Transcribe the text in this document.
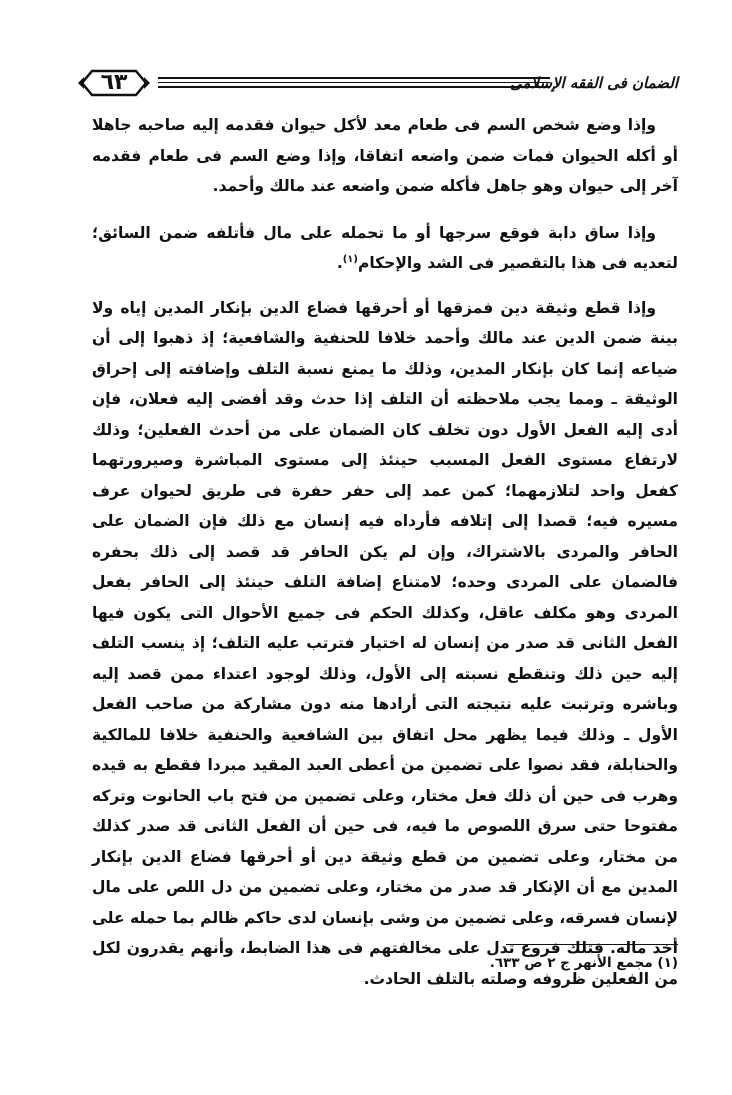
٦٣	الضمان فى الفقه الإسلامى

وإذا وضع شخص السم فى طعام معد لأكل حيوان فقدمه إليه صاحبه جاهلا أو أكله الحيوان فمات ضمن واضعه اتفاقا، وإذا وضع السم فى طعام فقدمه آخر إلى حيوان وهو جاهل فأكله ضمن واضعه عند مالك وأحمد.

وإذا ساق دابة فوقع سرجها أو ما تحمله على مال فأتلفه ضمن السائق؛ لتعديه فى هذا بالتقصير فى الشد والإحكام$^{(١)}$.

وإذا قطع وثيقة دين فمزقها أو أحرقها فضاع الدين بإنكار المدين إياه ولا بينة ضمن الدين عند مالك وأحمد خلافا للحنفية والشافعية؛ إذ ذهبوا إلى أن ضياعه إنما كان بإنكار المدين، وذلك ما يمنع نسبة التلف وإضافته إلى إحراق الوثيقة ـ ومما يجب ملاحظته أن التلف إذا حدث وقد أفضى إليه فعلان، فإن أدى إليه الفعل الأول دون تخلف كان الضمان على من أحدث الفعلين؛ وذلك لارتفاع مستوى الفعل المسبب حينئذ إلى مستوى المباشرة وصيرورتهما كفعل واحد لتلازمهما؛ كمن عمد إلى حفر حفرة فى طريق لحيوان عرف مسيره فيه؛ قصدا إلى إتلافه فأرداه فيه إنسان مع ذلك فإن الضمان على الحافر والمردى بالاشتراك، وإن لم يكن الحافر قد قصد إلى ذلك بحفره فالضمان على المردى وحده؛ لامتناع إضافة التلف حينئذ إلى الحافر بفعل المردى وهو مكلف عاقل، وكذلك الحكم فى جميع الأحوال التى يكون فيها الفعل الثانى قد صدر من إنسان له اختيار فترتب عليه التلف؛ إذ ينسب التلف إليه حين ذلك وتنقطع نسبته إلى الأول، وذلك لوجود اعتداء ممن قصد إليه وباشره وترتبت عليه نتيجته التى أرادها منه دون مشاركة من صاحب الفعل الأول ـ وذلك فيما يظهر محل اتفاق بين الشافعية والحنفية خلافا للمالكية والحنابلة، فقد نصوا على تضمين من أعطى العبد المقيد مبردا فقطع به قيده وهرب فى حين أن ذلك فعل مختار، وعلى تضمين من فتح باب الحانوت وتركه مفتوحا حتى سرق اللصوص ما فيه، فى حين أن الفعل الثانى قد صدر كذلك من مختار، وعلى تضمين من قطع وثيقة دين أو أحرقها فضاع الدين بإنكار المدين مع أن الإنكار قد صدر من مختار، وعلى تضمين من دل اللص على مال لإنسان فسرقه، وعلى تضمين من وشى بإنسان لدى حاكم ظالم بما حمله على أخذ ماله. فتلك فروع تدل على مخالفتهم فى هذا الضابط، وأنهم يقدرون لكل من الفعلين ظروفه وصلته بالتلف الحادث.

(١) مجمع الأنهر ج ٢ ص ٦٣٣.
